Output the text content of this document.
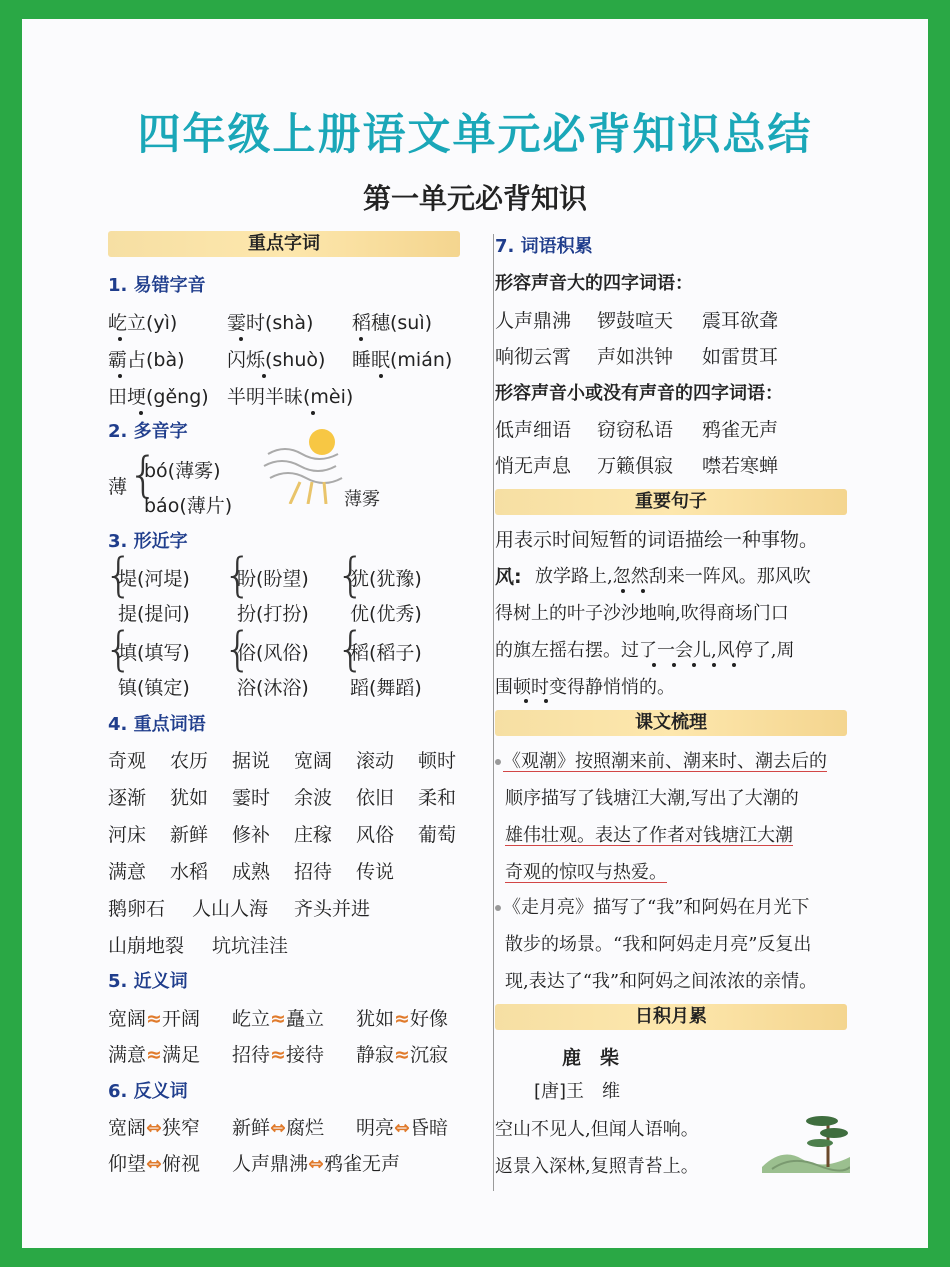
四年级上册语文单元必背知识总结
第一单元必背知识
重点字词
1. 易错字音
2. 多音字
薄 {
bó(薄雾)
báo(薄片)	薄雾
3. 形近字
4. 重点词语
5. 近义词
6. 反义词
7. 词语积累
形容声音大的四字词语：
形容声音小或没有声音的四字词语：
重要句子
用表示时间短暂的词语描绘一种事物。
风:
课文梳理
日积月累
鹿　柴
[唐]王　维
屹立(yì)	霎时(shà) 稻穗(suì)
霸占(bà) 闪烁(shuò) 睡眠(mián)
田埂(gěng) 半明半昧(mèi)
{
堤(河堤)
提(提问)
{
盼(盼望)
扮(打扮)
{
犹(犹豫)
优(优秀)
{
填(填写)
镇(镇定)
{
俗(风俗)
浴(沐浴)
{
稻(稻子)
蹈(舞蹈)
奇观 农历 据说 宽阔 滚动 顿时
逐渐 犹如 霎时 余波 依旧 柔和
河床 新鲜 修补 庄稼 风俗 葡萄
满意 水稻 成熟 招待 传说
鹅卵石 人山人海 齐头并进
山崩地裂 坑坑洼洼
宽阔≈开阔 屹立≈矗立 犹如≈好像
满意≈满足 招待≈接待 静寂≈沉寂
宽阔⇔狭窄 新鲜⇔腐烂 明亮⇔昏暗
仰望⇔俯视 人声鼎沸⇔鸦雀无声
人声鼎沸 锣鼓喧天 震耳欲聋
响彻云霄 声如洪钟 如雷贯耳
低声细语 窃窃私语 鸦雀无声
悄无声息 万籁俱寂 噤若寒蝉
放学路上,忽然刮来一阵风。那风吹
得树上的叶子沙沙地响,吹得商场门口
的旗左摇右摆。过了一会儿,风停了,周
围顿时变得静悄悄的。
《观潮》按照潮来前、潮来时、潮去后的
顺序描写了钱塘江大潮,写出了大潮的
雄伟壮观。表达了作者对钱塘江大潮
奇观的惊叹与热爱。
《走月亮》描写了“我”和阿妈在月光下
散步的场景。“我和阿妈走月亮”反复出
现,表达了“我”和阿妈之间浓浓的亲情。
空山不见人,但闻人语响。
返景入深林,复照青苔上。
